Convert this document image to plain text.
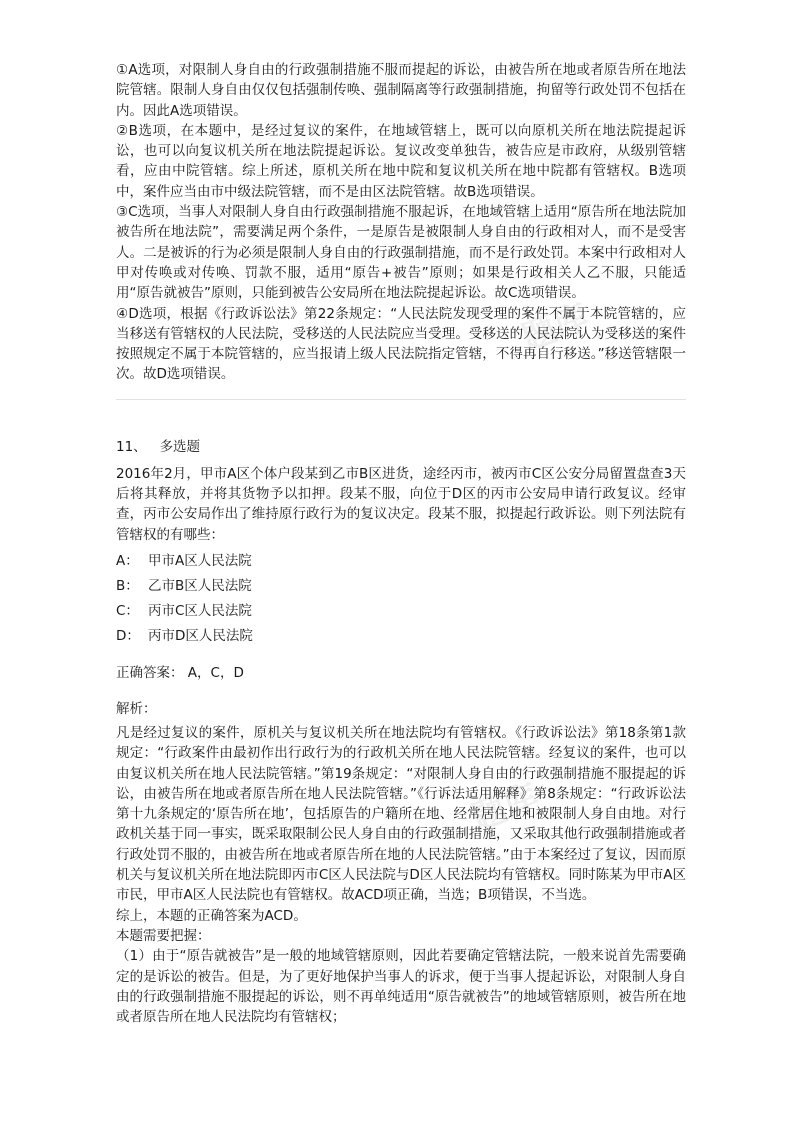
题库
题库

①A选项，对限制人身自由的行政强制措施不服而提起的诉讼，由被告所在地或者原告所在地法院管辖。限制人身自由仅仅包括强制传唤、强制隔离等行政强制措施，拘留等行政处罚不包括在内。因此A选项错误。

②B选项，在本题中，是经过复议的案件，在地域管辖上，既可以向原机关所在地法院提起诉讼，也可以向复议机关所在地法院提起诉讼。复议改变单独告，被告应是市政府，从级别管辖看，应由中院管辖。综上所述，原机关所在地中院和复议机关所在地中院都有管辖权。B选项中，案件应当由市中级法院管辖，而不是由区法院管辖。故B选项错误。

③C选项，当事人对限制人身自由行政强制措施不服起诉，在地域管辖上适用“原告所在地法院加被告所在地法院”，需要满足两个条件，一是原告是被限制人身自由的行政相对人，而不是受害人。二是被诉的行为必须是限制人身自由的行政强制措施，而不是行政处罚。本案中行政相对人甲对传唤或对传唤、罚款不服，适用“原告+被告”原则；如果是行政相关人乙不服，只能适用“原告就被告”原则，只能到被告公安局所在地法院提起诉讼。故C选项错误。

④D选项，根据《行政诉讼法》第22条规定：“人民法院发现受理的案件不属于本院管辖的，应当移送有管辖权的人民法院，受移送的人民法院应当受理。受移送的人民法院认为受移送的案件按照规定不属于本院管辖的，应当报请上级人民法院指定管辖，不得再自行移送。”移送管辖限一次。故D选项错误。

11、 多选题

2016年2月，甲市A区个体户段某到乙市B区进货，途经丙市，被丙市C区公安分局留置盘查3天后将其释放，并将其货物予以扣押。段某不服，向位于D区的丙市公安局申请行政复议。经审查，丙市公安局作出了维持原行政行为的复议决定。段某不服，拟提起行政诉讼。则下列法院有管辖权的有哪些：

A： 甲市A区人民法院
B： 乙市B区人民法院
C： 丙市C区人民法院
D： 丙市D区人民法院
正确答案： A，C，D
解析：

凡是经过复议的案件，原机关与复议机关所在地法院均有管辖权。《行政诉讼法》第18条第1款规定：“行政案件由最初作出行政行为的行政机关所在地人民法院管辖。经复议的案件，也可以由复议机关所在地人民法院管辖。”第19条规定：“对限制人身自由的行政强制措施不服提起的诉讼，由被告所在地或者原告所在地人民法院管辖。”《行诉法适用解释》第8条规定：“行政诉讼法第十九条规定的‘原告所在地’，包括原告的户籍所在地、经常居住地和被限制人身自由地。对行政机关基于同一事实，既采取限制公民人身自由的行政强制措施，又采取其他行政强制措施或者行政处罚不服的，由被告所在地或者原告所在地的人民法院管辖。”由于本案经过了复议，因而原机关与复议机关所在地法院即丙市C区人民法院与D区人民法院均有管辖权。同时陈某为甲市A区市民，甲市A区人民法院也有管辖权。故ACD项正确，当选；B项错误，不当选。

综上，本题的正确答案为ACD。

本题需要把握：

（1）由于“原告就被告”是一般的地域管辖原则，因此若要确定管辖法院，一般来说首先需要确定的是诉讼的被告。但是，为了更好地保护当事人的诉求，便于当事人提起诉讼，对限制人身自由的行政强制措施不服提起的诉讼，则不再单纯适用“原告就被告”的地域管辖原则，被告所在地或者原告所在地人民法院均有管辖权；
